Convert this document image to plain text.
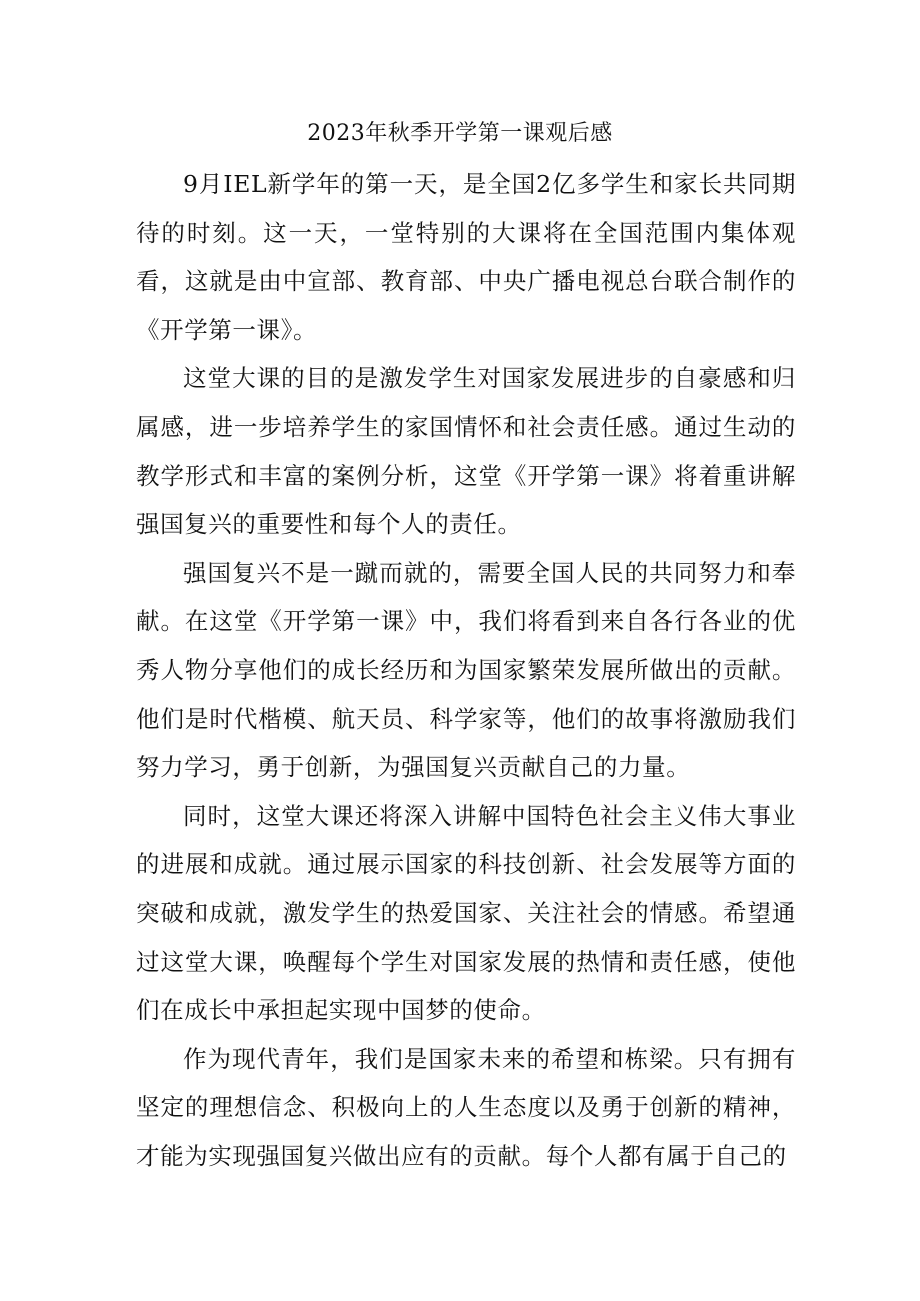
2023年秋季开学第一课观后感

9月IEL新学年的第一天，是全国2亿多学生和家长共同期待的时刻。这一天，一堂特别的大课将在全国范围内集体观看，这就是由中宣部、教育部、中央广播电视总台联合制作的《开学第一课》。

这堂大课的目的是激发学生对国家发展进步的自豪感和归属感，进一步培养学生的家国情怀和社会责任感。通过生动的教学形式和丰富的案例分析，这堂《开学第一课》将着重讲解强国复兴的重要性和每个人的责任。

强国复兴不是一蹴而就的，需要全国人民的共同努力和奉献。在这堂《开学第一课》中，我们将看到来自各行各业的优秀人物分享他们的成长经历和为国家繁荣发展所做出的贡献。他们是时代楷模、航天员、科学家等，他们的故事将激励我们努力学习，勇于创新，为强国复兴贡献自己的力量。

同时，这堂大课还将深入讲解中国特色社会主义伟大事业的进展和成就。通过展示国家的科技创新、社会发展等方面的突破和成就，激发学生的热爱国家、关注社会的情感。希望通过这堂大课，唤醒每个学生对国家发展的热情和责任感，使他们在成长中承担起实现中国梦的使命。

作为现代青年，我们是国家未来的希望和栋梁。只有拥有坚定的理想信念、积极向上的人生态度以及勇于创新的精神，才能为实现强国复兴做出应有的贡献。每个人都有属于自己的
